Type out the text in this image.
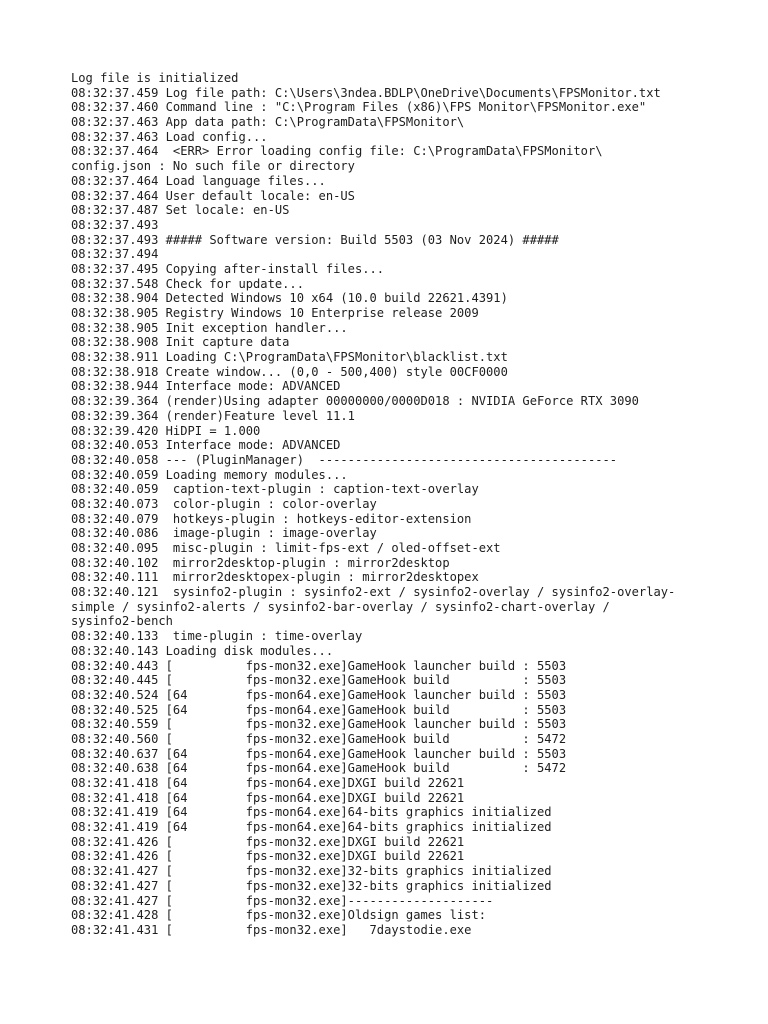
Log file is initialized
08:32:37.459 Log file path: C:\Users\3ndea.BDLP\OneDrive\Documents\FPSMonitor.txt
08:32:37.460 Command line : "C:\Program Files (x86)\FPS Monitor\FPSMonitor.exe"
08:32:37.463 App data path: C:\ProgramData\FPSMonitor\
08:32:37.463 Load config...
08:32:37.464  <ERR> Error loading config file: C:\ProgramData\FPSMonitor\
config.json : No such file or directory
08:32:37.464 Load language files...
08:32:37.464 User default locale: en-US
08:32:37.487 Set locale: en-US
08:32:37.493
08:32:37.493 ##### Software version: Build 5503 (03 Nov 2024) #####
08:32:37.494
08:32:37.495 Copying after-install files...
08:32:37.548 Check for update...
08:32:38.904 Detected Windows 10 x64 (10.0 build 22621.4391)
08:32:38.905 Registry Windows 10 Enterprise release 2009
08:32:38.905 Init exception handler...
08:32:38.908 Init capture data
08:32:38.911 Loading C:\ProgramData\FPSMonitor\blacklist.txt
08:32:38.918 Create window... (0,0 - 500,400) style 00CF0000
08:32:38.944 Interface mode: ADVANCED
08:32:39.364 (render)Using adapter 00000000/0000D018 : NVIDIA GeForce RTX 3090
08:32:39.364 (render)Feature level 11.1
08:32:39.420 HiDPI = 1.000
08:32:40.053 Interface mode: ADVANCED
08:32:40.058 --- (PluginManager)  -----------------------------------------
08:32:40.059 Loading memory modules...
08:32:40.059  caption-text-plugin : caption-text-overlay
08:32:40.073  color-plugin : color-overlay
08:32:40.079  hotkeys-plugin : hotkeys-editor-extension
08:32:40.086  image-plugin : image-overlay
08:32:40.095  misc-plugin : limit-fps-ext / oled-offset-ext
08:32:40.102  mirror2desktop-plugin : mirror2desktop
08:32:40.111  mirror2desktopex-plugin : mirror2desktopex
08:32:40.121  sysinfo2-plugin : sysinfo2-ext / sysinfo2-overlay / sysinfo2-overlay-
simple / sysinfo2-alerts / sysinfo2-bar-overlay / sysinfo2-chart-overlay /
sysinfo2-bench
08:32:40.133  time-plugin : time-overlay
08:32:40.143 Loading disk modules...
08:32:40.443 [          fps-mon32.exe]GameHook launcher build : 5503
08:32:40.445 [          fps-mon32.exe]GameHook build          : 5503
08:32:40.524 [64        fps-mon64.exe]GameHook launcher build : 5503
08:32:40.525 [64        fps-mon64.exe]GameHook build          : 5503
08:32:40.559 [          fps-mon32.exe]GameHook launcher build : 5503
08:32:40.560 [          fps-mon32.exe]GameHook build          : 5472
08:32:40.637 [64        fps-mon64.exe]GameHook launcher build : 5503
08:32:40.638 [64        fps-mon64.exe]GameHook build          : 5472
08:32:41.418 [64        fps-mon64.exe]DXGI build 22621
08:32:41.418 [64        fps-mon64.exe]DXGI build 22621
08:32:41.419 [64        fps-mon64.exe]64-bits graphics initialized
08:32:41.419 [64        fps-mon64.exe]64-bits graphics initialized
08:32:41.426 [          fps-mon32.exe]DXGI build 22621
08:32:41.426 [          fps-mon32.exe]DXGI build 22621
08:32:41.427 [          fps-mon32.exe]32-bits graphics initialized
08:32:41.427 [          fps-mon32.exe]32-bits graphics initialized
08:32:41.427 [          fps-mon32.exe]--------------------
08:32:41.428 [          fps-mon32.exe]Oldsign games list:
08:32:41.431 [          fps-mon32.exe]   7daystodie.exe
